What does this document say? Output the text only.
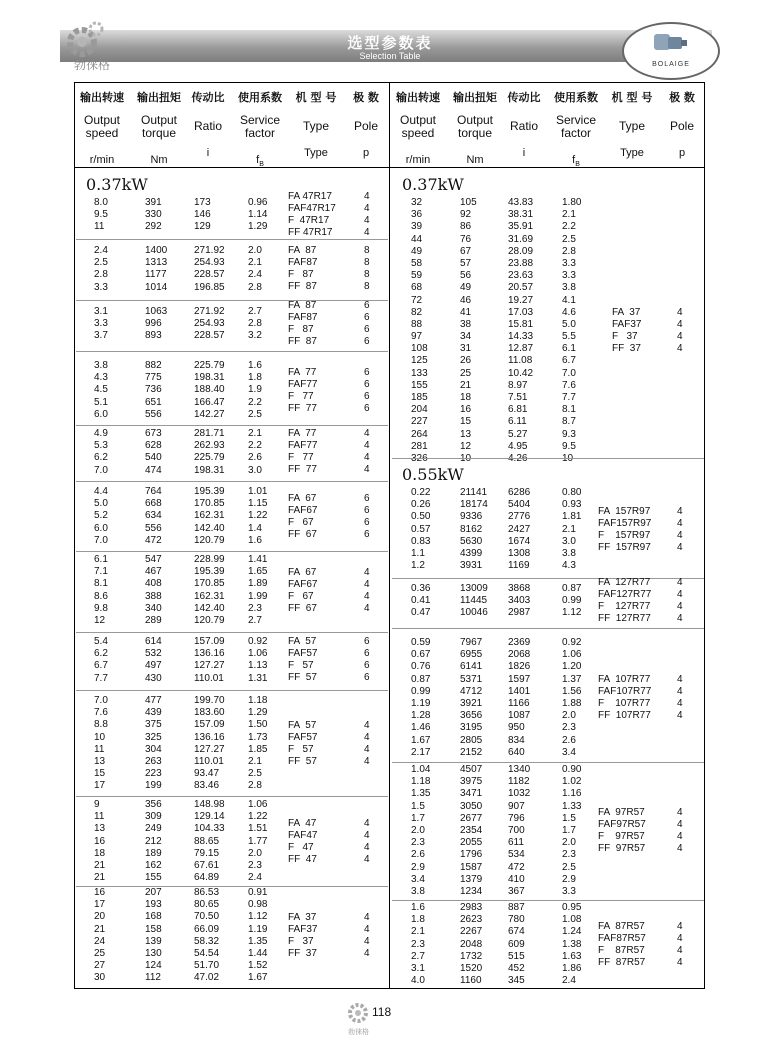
勃徕格
选型参数表
Selection Table
BOLAIGE
输出转速
Output
speed
r/min
输出扭矩
Output
torque
Nm
传动比
Ratio
i
使用系数
Service
factor
$f_B$
机 型 号
Type
Type
极 数
Pole
p
输出转速
Output
speed
r/min
输出扭矩
Output
torque
Nm
传动比
Ratio
i
使用系数
Service
factor
$f_B$
机 型 号
Type
Type
极 数
Pole
p
0.37kW
8.0
9.5
11
391
330
292
173
146
129
0.96
1.14
1.29
FA 47R17
FAF47R17
F  47R17
FF 47R17
4
4
4
4
2.4
2.5
2.8
3.3
1400
1313
1177
1014
271.92
254.93
228.57
196.85
2.0
2.1
2.4
2.8
FA  87
FAF87
F   87
FF  87
8
8
8
8
3.1
3.3
3.7
1063
996
893
271.92
254.93
228.57
2.7
2.8
3.2
FA  87
FAF87
F   87
FF  87
6
6
6
6
3.8
4.3
4.5
5.1
6.0
882
775
736
651
556
225.79
198.31
188.40
166.47
142.27
1.6
1.8
1.9
2.2
2.5
FA  77
FAF77
F   77
FF  77
6
6
6
6
4.9
5.3
6.2
7.0
673
628
540
474
281.71
262.93
225.79
198.31
2.1
2.2
2.6
3.0
FA  77
FAF77
F   77
FF  77
4
4
4
4
4.4
5.0
5.2
6.0
7.0
764
668
634
556
472
195.39
170.85
162.31
142.40
120.79
1.01
1.15
1.22
1.4
1.6
FA  67
FAF67
F   67
FF  67
6
6
6
6
6.1
7.1
8.1
8.6
9.8
12
547
467
408
388
340
289
228.99
195.39
170.85
162.31
142.40
120.79
1.41
1.65
1.89
1.99
2.3
2.7
FA  67
FAF67
F   67
FF  67
4
4
4
4
5.4
6.2
6.7
7.7
614
532
497
430
157.09
136.16
127.27
110.01
0.92
1.06
1.13
1.31
FA  57
FAF57
F   57
FF  57
6
6
6
6
7.0
7.6
8.8
10
11
13
15
17
477
439
375
325
304
263
223
199
199.70
183.60
157.09
136.16
127.27
110.01
93.47
83.46
1.18
1.29
1.50
1.73
1.85
2.1
2.5
2.8
FA  57
FAF57
F   57
FF  57
4
4
4
4
9
11
13
16
18
21
21
356
309
249
212
189
162
155
148.98
129.14
104.33
88.65
79.15
67.61
64.89
1.06
1.22
1.51
1.77
2.0
2.3
2.4
FA  47
FAF47
F   47
FF  47
4
4
4
4
16
17
20
21
24
25
27
30
207
193
168
158
139
130
124
112
86.53
80.65
70.50
66.09
58.32
54.54
51.70
47.02
0.91
0.98
1.12
1.19
1.35
1.44
1.52
1.67
FA  37
FAF37
F   37
FF  37
4
4
4
4
0.37kW
32
36
39
44
49
58
59
68
72
82
88
97
108
125
133
155
185
204
227
264
281
105
92
86
76
67
57
56
49
46
41
38
34
31
26
25
21
18
16
15
13
12
43.83
38.31
35.91
31.69
28.09
23.88
23.63
20.57
19.27
17.03
15.81
14.33
12.87
11.08
10.42
8.97
7.51
6.81
6.11
5.27
4.95
1.80
2.1
2.2
2.5
2.8
3.3
3.3
3.8
4.1
4.6
5.0
5.5
6.1
6.7
7.0
7.6
7.7
8.1
8.7
9.3
9.5
FA  37
FAF37
F   37
FF  37
4
4
4
4
0.55kW
0.22
0.26
0.50
0.57
0.83
1.1
1.2
21141
18174
9336
8162
5630
4399
3931
6286
5404
2776
2427
1674
1308
1169
0.80
0.93
1.81
2.1
3.0
3.8
4.3
FA  157R97
FAF157R97
F    157R97
FF  157R97
4
4
4
4
0.36
0.41
0.47
13009
11445
10046
3868
3403
2987
0.87
0.99
1.12
FA  127R77
FAF127R77
F    127R77
FF  127R77
4
4
4
4
0.59
0.67
0.76
0.87
0.99
1.19
1.28
1.46
1.67
2.17
7967
6955
6141
5371
4712
3921
3656
3195
2805
2152
2369
2068
1826
1597
1401
1166
1087
950
834
640
0.92
1.06
1.20
1.37
1.56
1.88
2.0
2.3
2.6
3.4
FA  107R77
FAF107R77
F    107R77
FF  107R77
4
4
4
4
1.04
1.18
1.35
1.5
1.7
2.0
2.3
2.6
2.9
3.4
3.8
4507
3975
3471
3050
2677
2354
2055
1796
1587
1379
1234
1340
1182
1032
907
796
700
611
534
472
410
367
0.90
1.02
1.16
1.33
1.5
1.7
2.0
2.3
2.5
2.9
3.3
FA  97R57
FAF97R57
F    97R57
FF  97R57
4
4
4
4
1.6
1.8
2.1
2.3
2.7
3.1
4.0
2983
2623
2267
2048
1732
1520
1160
887
780
674
609
515
452
345
0.95
1.08
1.24
1.38
1.63
1.86
2.4
FA  87R57
FAF87R57
F    87R57
FF  87R57
4
4
4
4
勃徕格
118
